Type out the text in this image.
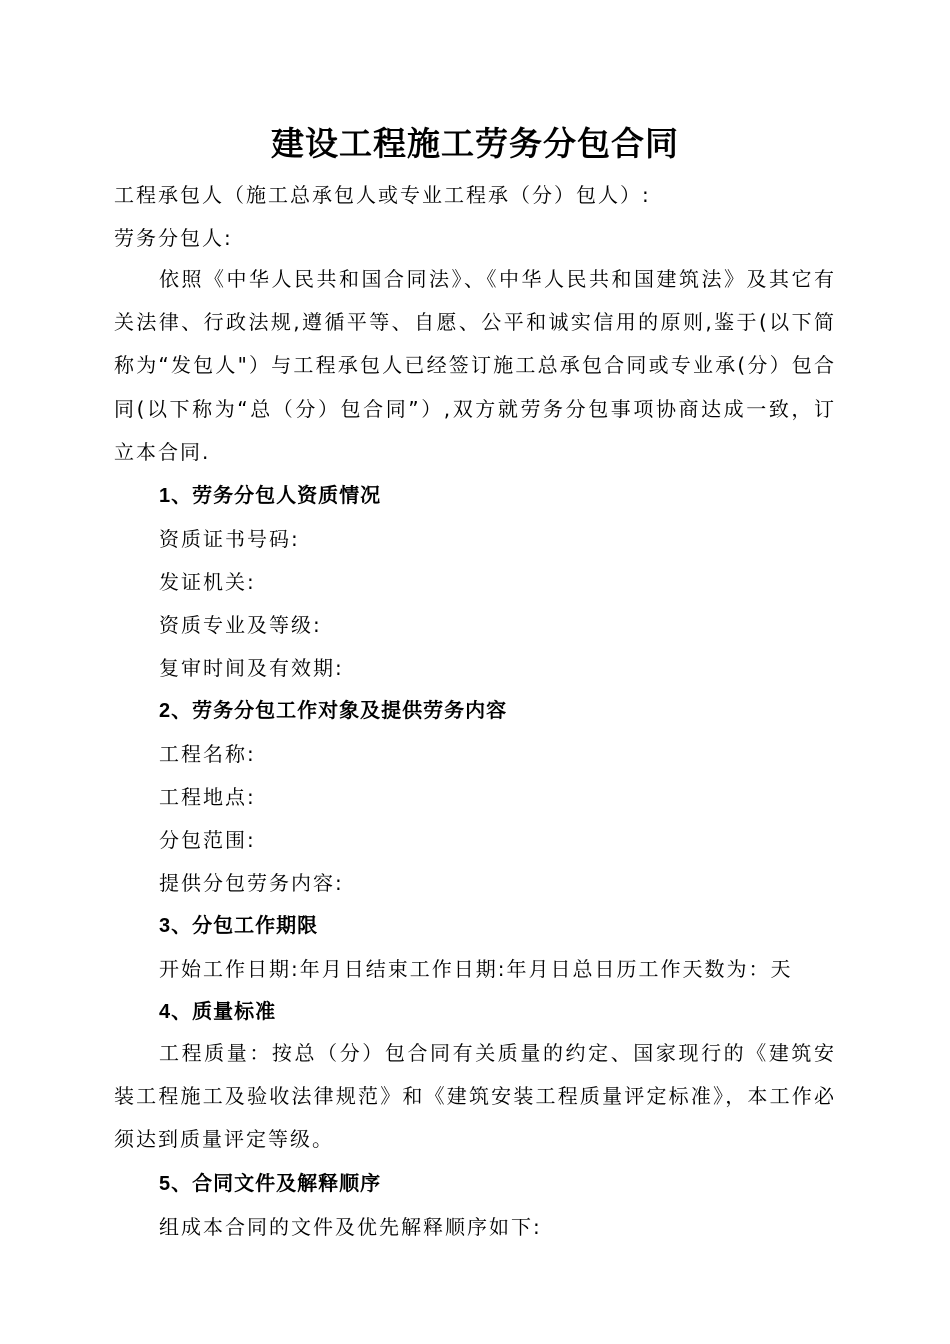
建设工程施工劳务分包合同
工程承包人（施工总承包人或专业工程承（分）包人）:
劳务分包人:
依照《中华人民共和国合同法》、《中华人民共和国建筑法》及其它有关法律、行政法规,遵循平等、自愿、公平和诚实信用的原则,鉴于(以下简称为“发包人"）与工程承包人已经签订施工总承包合同或专业承(分）包合同(以下称为“总（分）包合同”）,双方就劳务分包事项协商达成一致，订立本合同.
1、劳务分包人资质情况
资质证书号码:
发证机关:
资质专业及等级:
复审时间及有效期:
2、劳务分包工作对象及提供劳务内容
工程名称:
工程地点:
分包范围:
提供分包劳务内容:
3、分包工作期限
开始工作日期:年月日结束工作日期:年月日总日历工作天数为：天
4、质量标准
工程质量：按总（分）包合同有关质量的约定、国家现行的《建筑安装工程施工及验收法律规范》和《建筑安装工程质量评定标准》，本工作必须达到质量评定等级。
5、合同文件及解释顺序
组成本合同的文件及优先解释顺序如下:
